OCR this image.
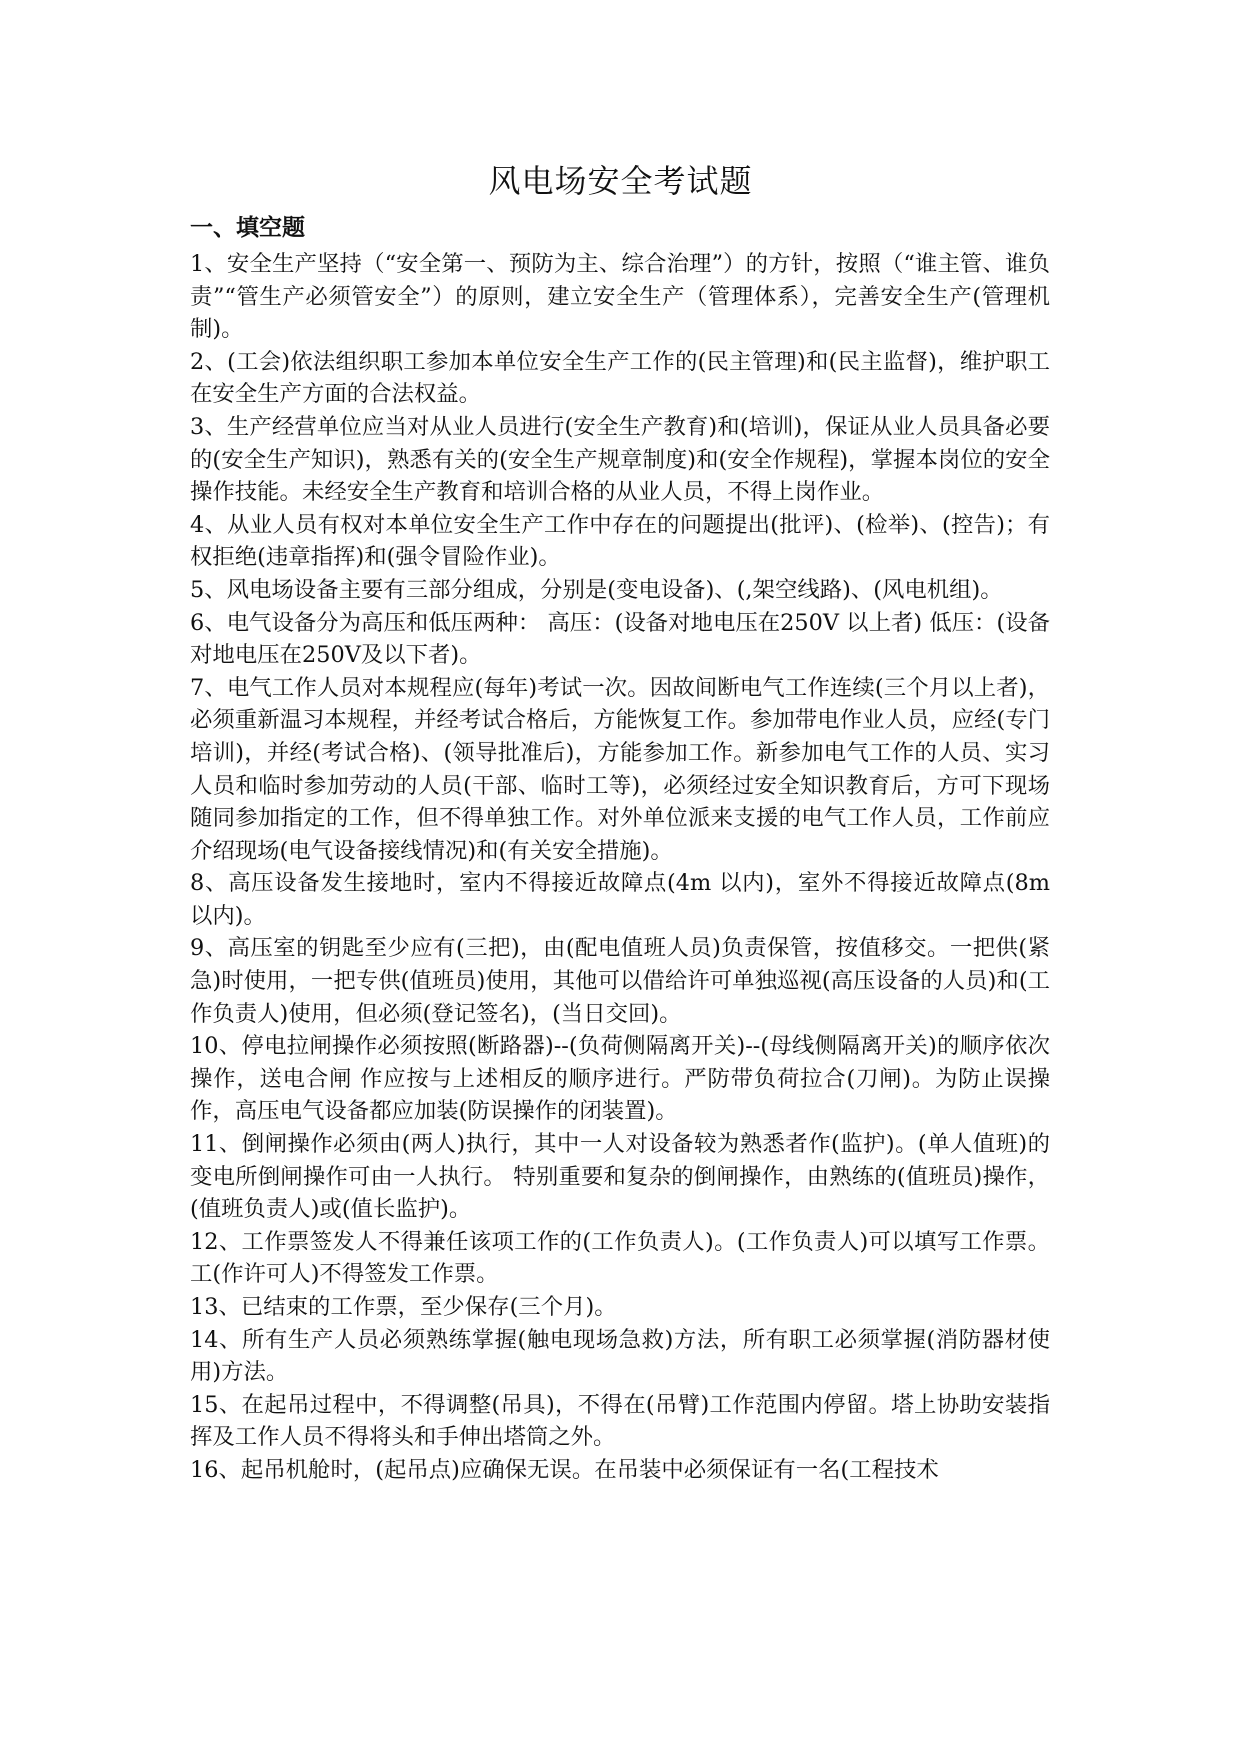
风电场安全考试题
一、填空题

1、安全生产坚持（“安全第一、预防为主、综合治理”）的方针，按照（“谁主管、谁负责”“管生产必须管安全”）的原则，建立安全生产（管理体系），完善安全生产(管理机制)。

2、(工会)依法组织职工参加本单位安全生产工作的(民主管理)和(民主监督)，维护职工在安全生产方面的合法权益。

3、生产经营单位应当对从业人员进行(安全生产教育)和(培训)，保证从业人员具备必要的(安全生产知识)，熟悉有关的(安全生产规章制度)和(安全作规程)，掌握本岗位的安全操作技能。未经安全生产教育和培训合格的从业人员，不得上岗作业。

4、从业人员有权对本单位安全生产工作中存在的问题提出(批评)、(检举)、(控告)；有权拒绝(违章指挥)和(强令冒险作业)。

5、风电场设备主要有三部分组成，分别是(变电设备)、(,架空线路)、(风电机组)。

6、电气设备分为高压和低压两种： 高压：(设备对地电压在250V 以上者) 低压：(设备对地电压在250V及以下者)。

7、电气工作人员对本规程应(每年)考试一次。因故间断电气工作连续(三个月以上者)，必须重新温习本规程，并经考试合格后，方能恢复工作。参加带电作业人员，应经(专门培训)，并经(考试合格)、(领导批准后)，方能参加工作。新参加电气工作的人员、实习人员和临时参加劳动的人员(干部、临时工等)，必须经过安全知识教育后，方可下现场随同参加指定的工作，但不得单独工作。对外单位派来支援的电气工作人员，工作前应介绍现场(电气设备接线情况)和(有关安全措施)。

8、高压设备发生接地时，室内不得接近故障点(4m 以内)，室外不得接近故障点(8m 以内)。

9、高压室的钥匙至少应有(三把)，由(配电值班人员)负责保管，按值移交。一把供(紧急)时使用，一把专供(值班员)使用，其他可以借给许可单独巡视(高压设备的人员)和(工作负责人)使用，但必须(登记签名)，(当日交回)。

10、停电拉闸操作必须按照(断路器)--(负荷侧隔离开关)--(母线侧隔离开关)的顺序依次操作，送电合闸 作应按与上述相反的顺序进行。严防带负荷拉合(刀闸)。为防止误操作，高压电气设备都应加装(防误操作的闭装置)。

11、倒闸操作必须由(两人)执行，其中一人对设备较为熟悉者作(监护)。(单人值班)的变电所倒闸操作可由一人执行。 特别重要和复杂的倒闸操作，由熟练的(值班员)操作，(值班负责人)或(值长监护)。

12、工作票签发人不得兼任该项工作的(工作负责人)。(工作负责人)可以填写工作票。工(作许可人)不得签发工作票。

13、已结束的工作票，至少保存(三个月)。

14、所有生产人员必须熟练掌握(触电现场急救)方法，所有职工必须掌握(消防器材使用)方法。

15、在起吊过程中，不得调整(吊具)，不得在(吊臂)工作范围内停留。塔上协助安装指挥及工作人员不得将头和手伸出塔筒之外。

16、起吊机舱时，(起吊点)应确保无误。在吊装中必须保证有一名(工程技术
